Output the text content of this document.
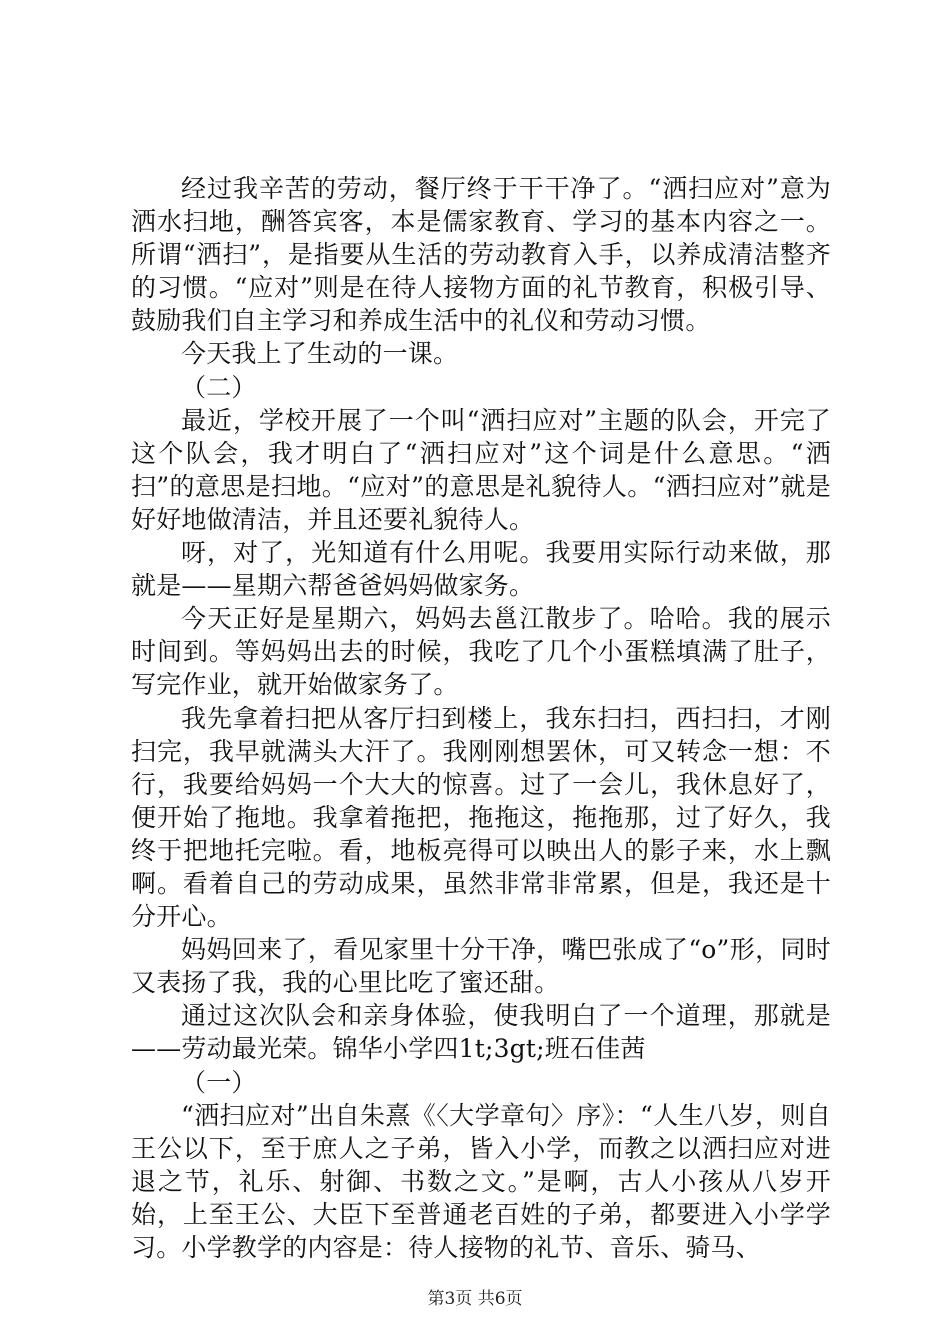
经过我辛苦的劳动，餐厅终于干干净了。“洒扫应对”意为洒水扫地，酬答宾客，本是儒家教育、学习的基本内容之一。所谓“洒扫”，是指要从生活的劳动教育入手，以养成清洁整齐的习惯。“应对”则是在待人接物方面的礼节教育，积极引导、鼓励我们自主学习和养成生活中的礼仪和劳动习惯。

今天我上了生动的一课。

（二）

最近，学校开展了一个叫“洒扫应对”主题的队会，开完了这个队会，我才明白了“洒扫应对”这个词是什么意思。“洒扫”的意思是扫地。“应对”的意思是礼貌待人。“洒扫应对”就是好好地做清洁，并且还要礼貌待人。

呀，对了，光知道有什么用呢。我要用实际行动来做，那就是——星期六帮爸爸妈妈做家务。

今天正好是星期六，妈妈去邕江散步了。哈哈。我的展示时间到。等妈妈出去的时候，我吃了几个小蛋糕填满了肚子，写完作业，就开始做家务了。

我先拿着扫把从客厅扫到楼上，我东扫扫，西扫扫，才刚扫完，我早就满头大汗了。我刚刚想罢休，可又转念一想：不行，我要给妈妈一个大大的惊喜。过了一会儿，我休息好了，便开始了拖地。我拿着拖把，拖拖这，拖拖那，过了好久，我终于把地托完啦。看，地板亮得可以映出人的影子来，水上飘啊。看着自己的劳动成果，虽然非常非常累，但是，我还是十分开心。

妈妈回来了，看见家里十分干净，嘴巴张成了“o”形，同时又表扬了我，我的心里比吃了蜜还甜。

通过这次队会和亲身体验，使我明白了一个道理，那就是——劳动最光荣。锦华小学四1t;3gt;班石佳茜

（一）

“洒扫应对”出自朱熹《〈大学章句〉序》：“人生八岁，则自王公以下，至于庶人之子弟，皆入小学，而教之以洒扫应对进退之节，礼乐、射御、书数之文。”是啊，古人小孩从八岁开始，上至王公、大臣下至普通老百姓的子弟，都要进入小学学习。小学教学的内容是：待人接物的礼节、音乐、骑马、

第3页 共6页
